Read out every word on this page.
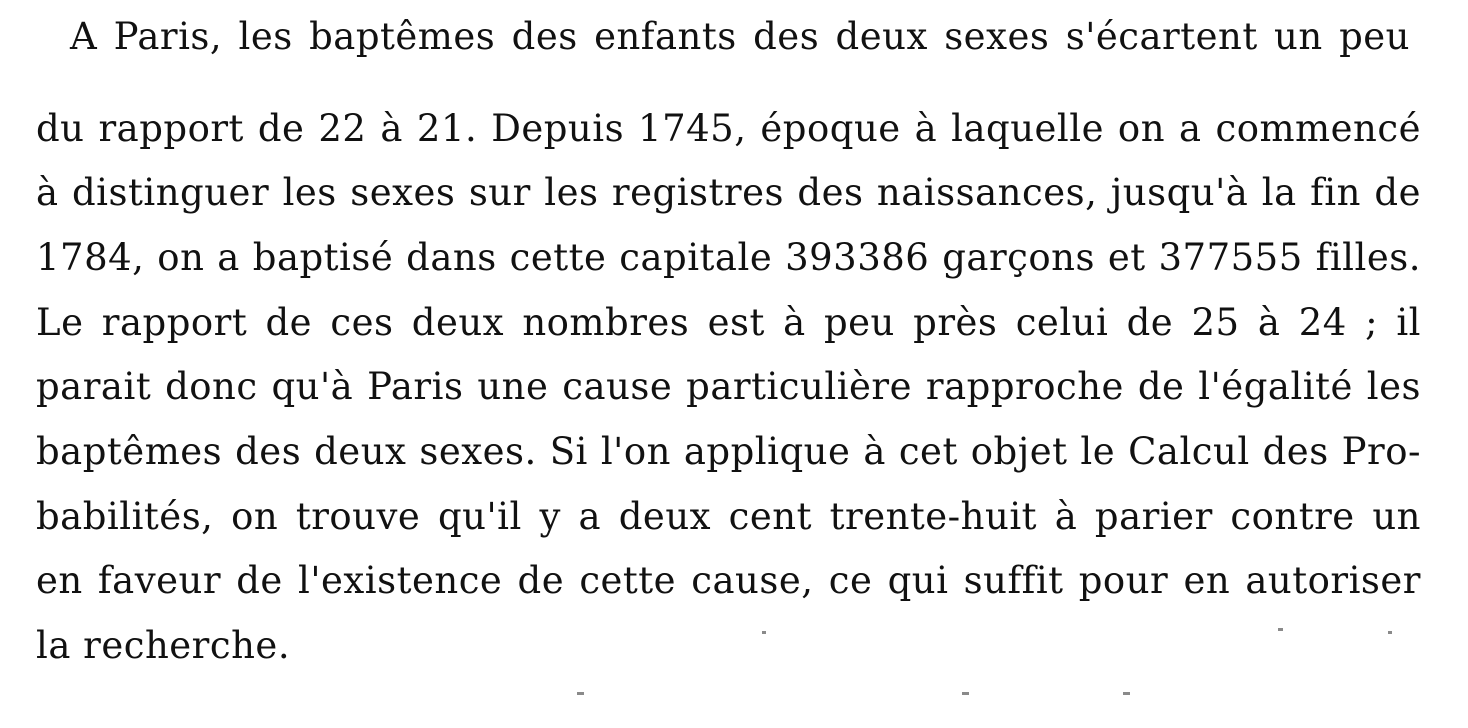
A Paris, les baptêmes des enfants des deux sexes s'écartent un peu
du rapport de 22 à 21. Depuis 1745, époque à laquelle on a commencé
à distinguer les sexes sur les registres des naissances, jusqu'à la fin de
1784, on a baptisé dans cette capitale 393386 garçons et 377555 filles.
Le rapport de ces deux nombres est à peu près celui de 25 à 24 ; il
parait donc qu'à Paris une cause particulière rapproche de l'égalité les
baptêmes des deux sexes. Si l'on applique à cet objet le Calcul des Pro-
babilités, on trouve qu'il y a deux cent trente-huit à parier contre un
en faveur de l'existence de cette cause, ce qui suffit pour en autoriser
la recherche.
